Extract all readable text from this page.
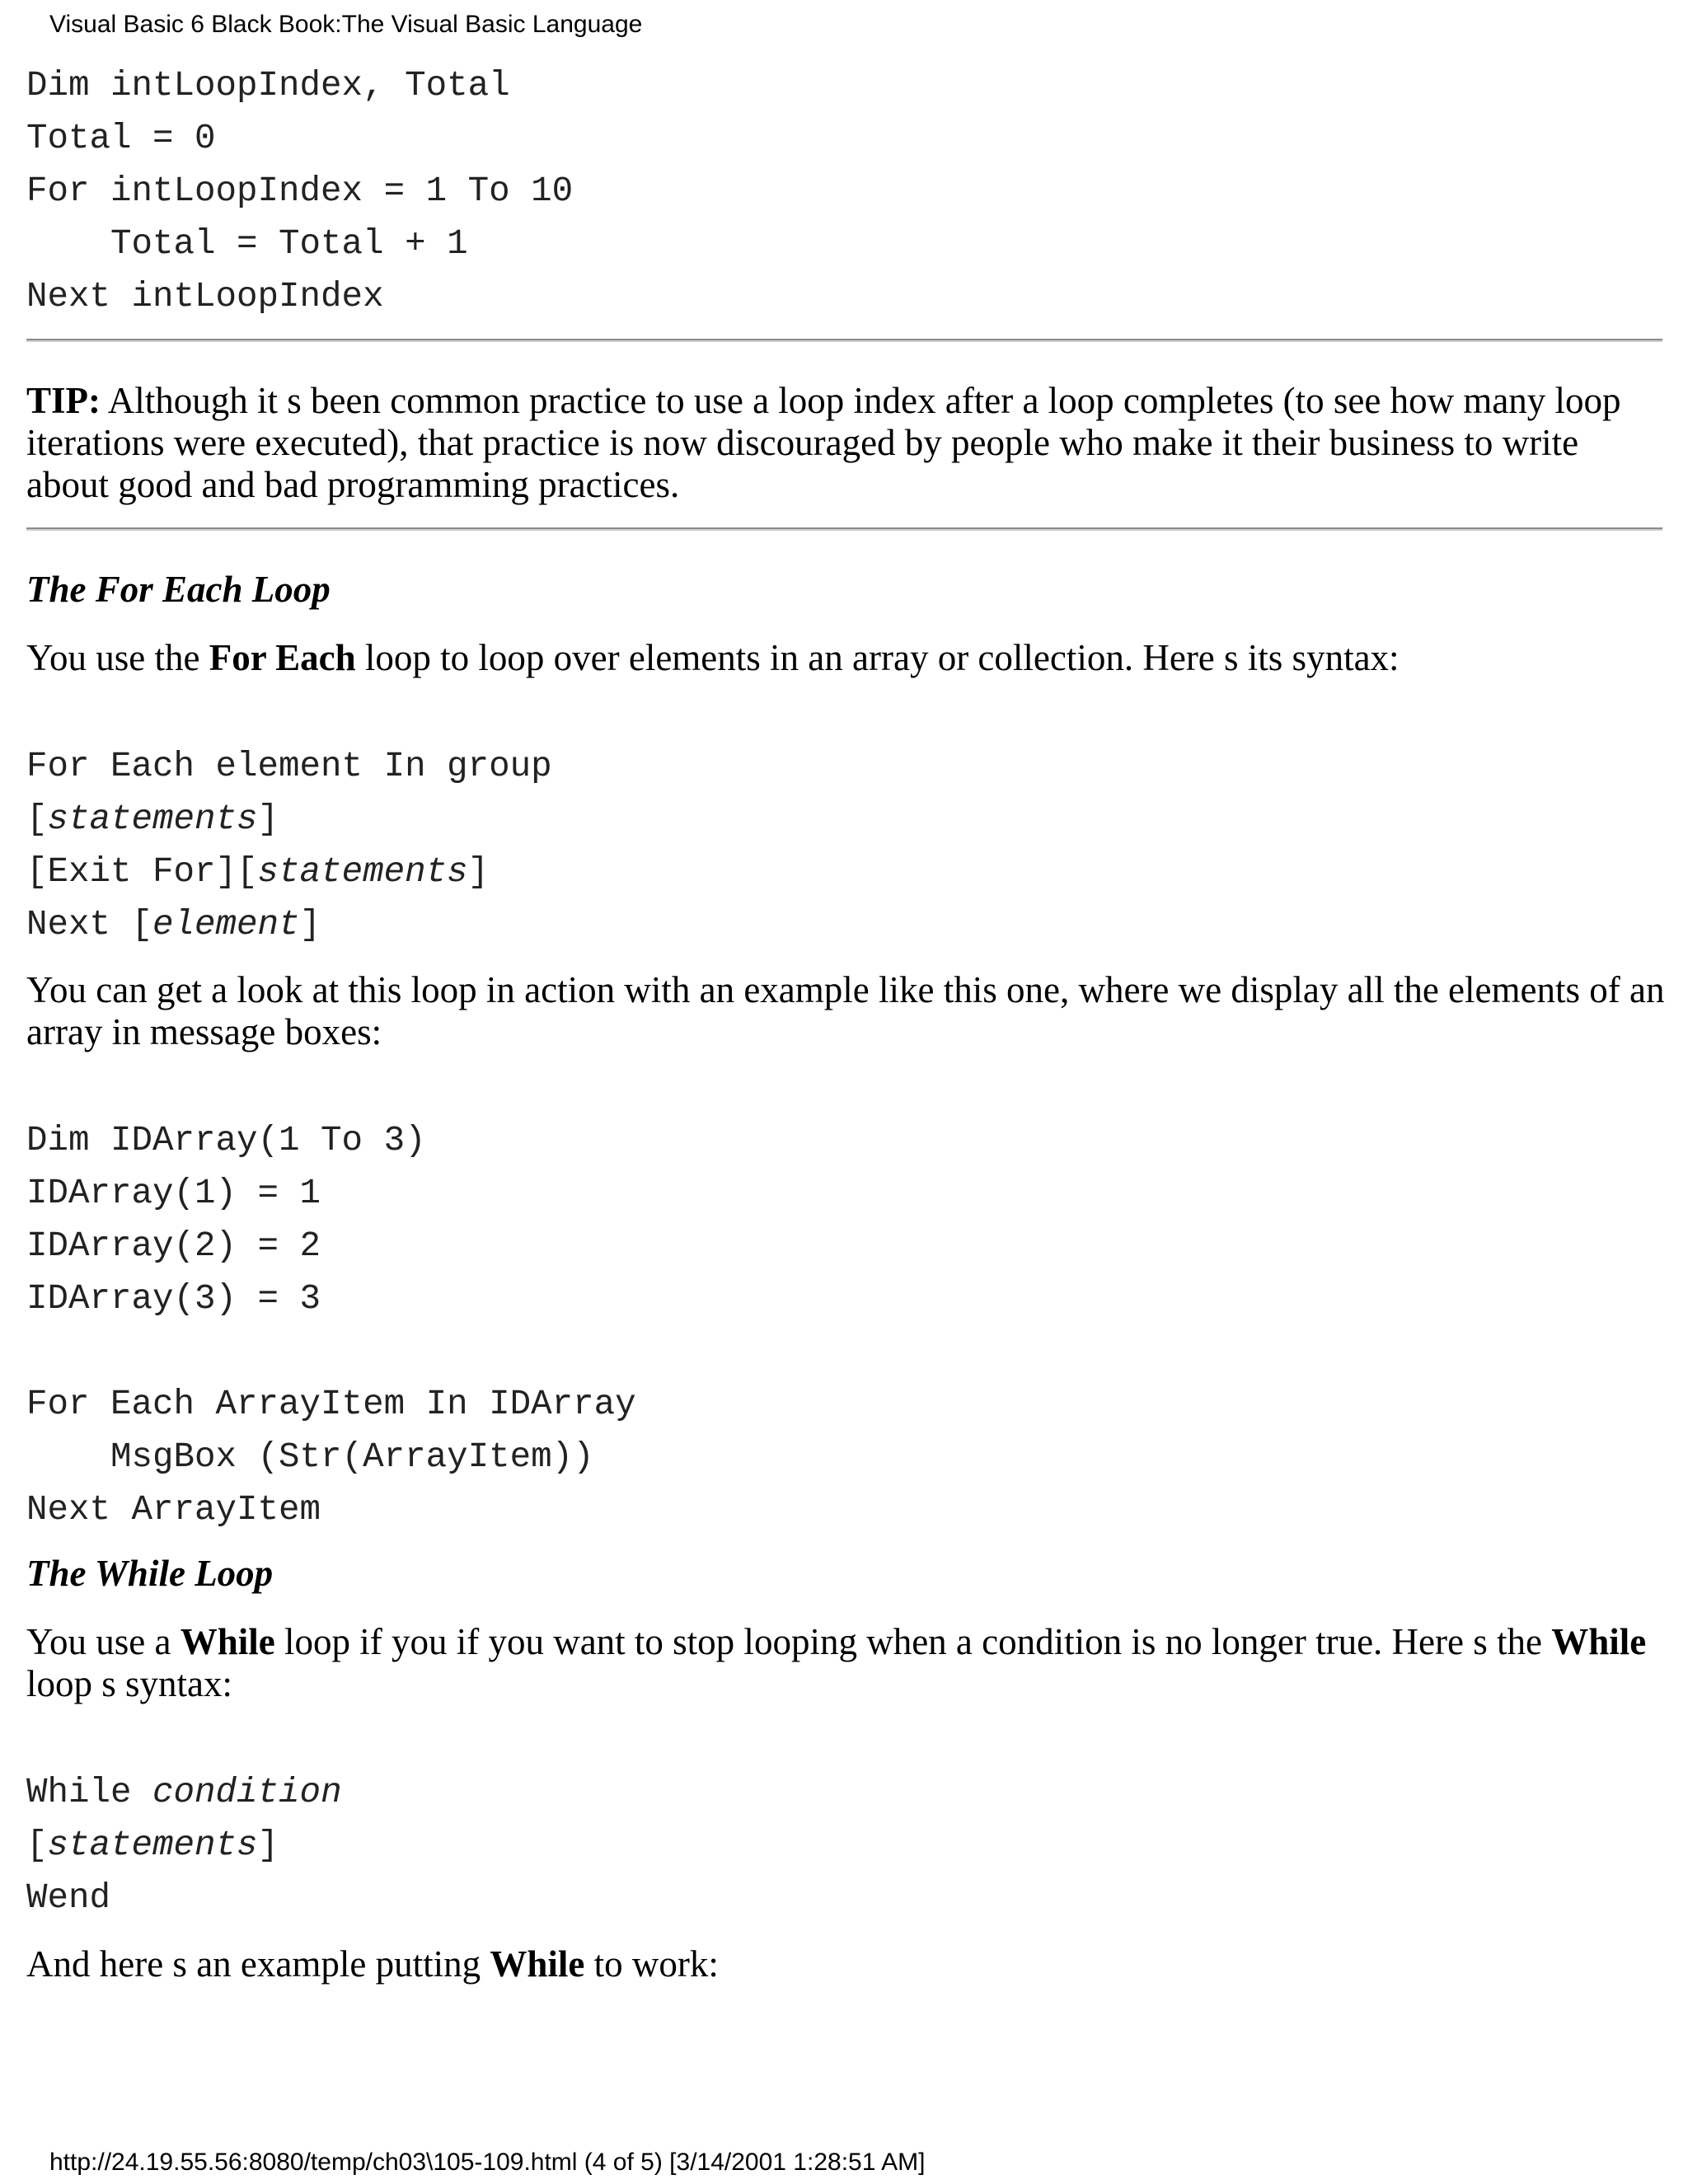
Visual Basic 6 Black Book:The Visual Basic Language
Dim intLoopIndex, Total
Total = 0
For intLoopIndex = 1 To 10
Total = Total + 1
Next intLoopIndex

TIP: Although it s been common practice to use a loop index after a loop completes (to see how many loop iterations were executed), that practice is now discouraged by people who make it their business to write about good and bad programming practices.

The For Each Loop

You use the For Each loop to loop over elements in an array or collection. Here s its syntax:

For Each element In group
[statements]
[Exit For][statements]
Next [element]

You can get a look at this loop in action with an example like this one, where we display all the elements of an array in message boxes:

Dim IDArray(1 To 3)
IDArray(1) = 1
IDArray(2) = 2
IDArray(3) = 3

For Each ArrayItem In IDArray
MsgBox (Str(ArrayItem))
Next ArrayItem
The While Loop

You use a While loop if you if you want to stop looping when a condition is no longer true. Here s the While loop s syntax:

While condition
[statements]
Wend

And here s an example putting While to work:

http://24.19.55.56:8080/temp/ch03\105-109.html (4 of 5) [3/14/2001 1:28:51 AM]
